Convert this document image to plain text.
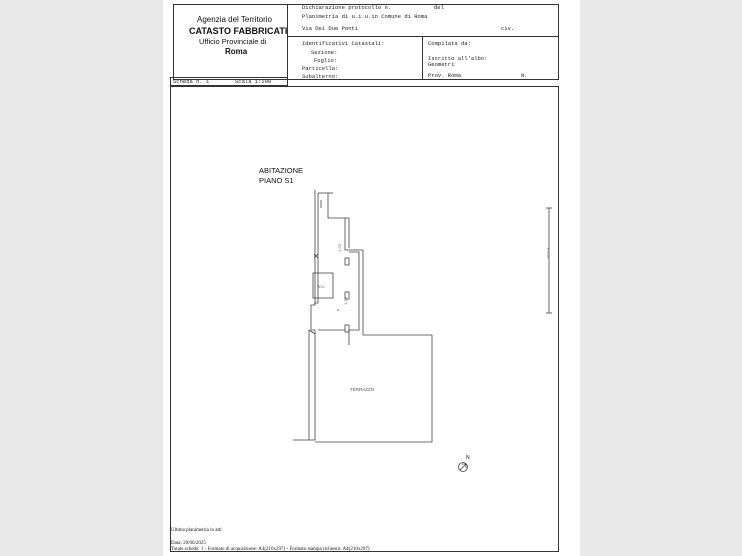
Agenzia del Territorio
CATASTO FABBRICATI
Ufficio Provinciale di
Roma
Dichiarazione protocollo n.	del
Planimetria di u.i.u.in Comune di Roma
Via Dei Due Ponti	civ.
Identificativi Catastali:
Sezione:
Foglio:
Particella:
Subalterno:
Compilata da:
Iscritto all'albo:
Geometri
Prov. Roma	N.
Scheda n. 1	Scala 1:200
1.00
1.20
ABITAZIONE
PIANO S1
W.C.
TERRAZZO
N
H 3.00
Ultima planimetria in atti
Data: 20/06/2025
Totale schede: 1 - Formato di acquisizione: A4(210x297) - Formato stampa richiesto: A4(210x297)
